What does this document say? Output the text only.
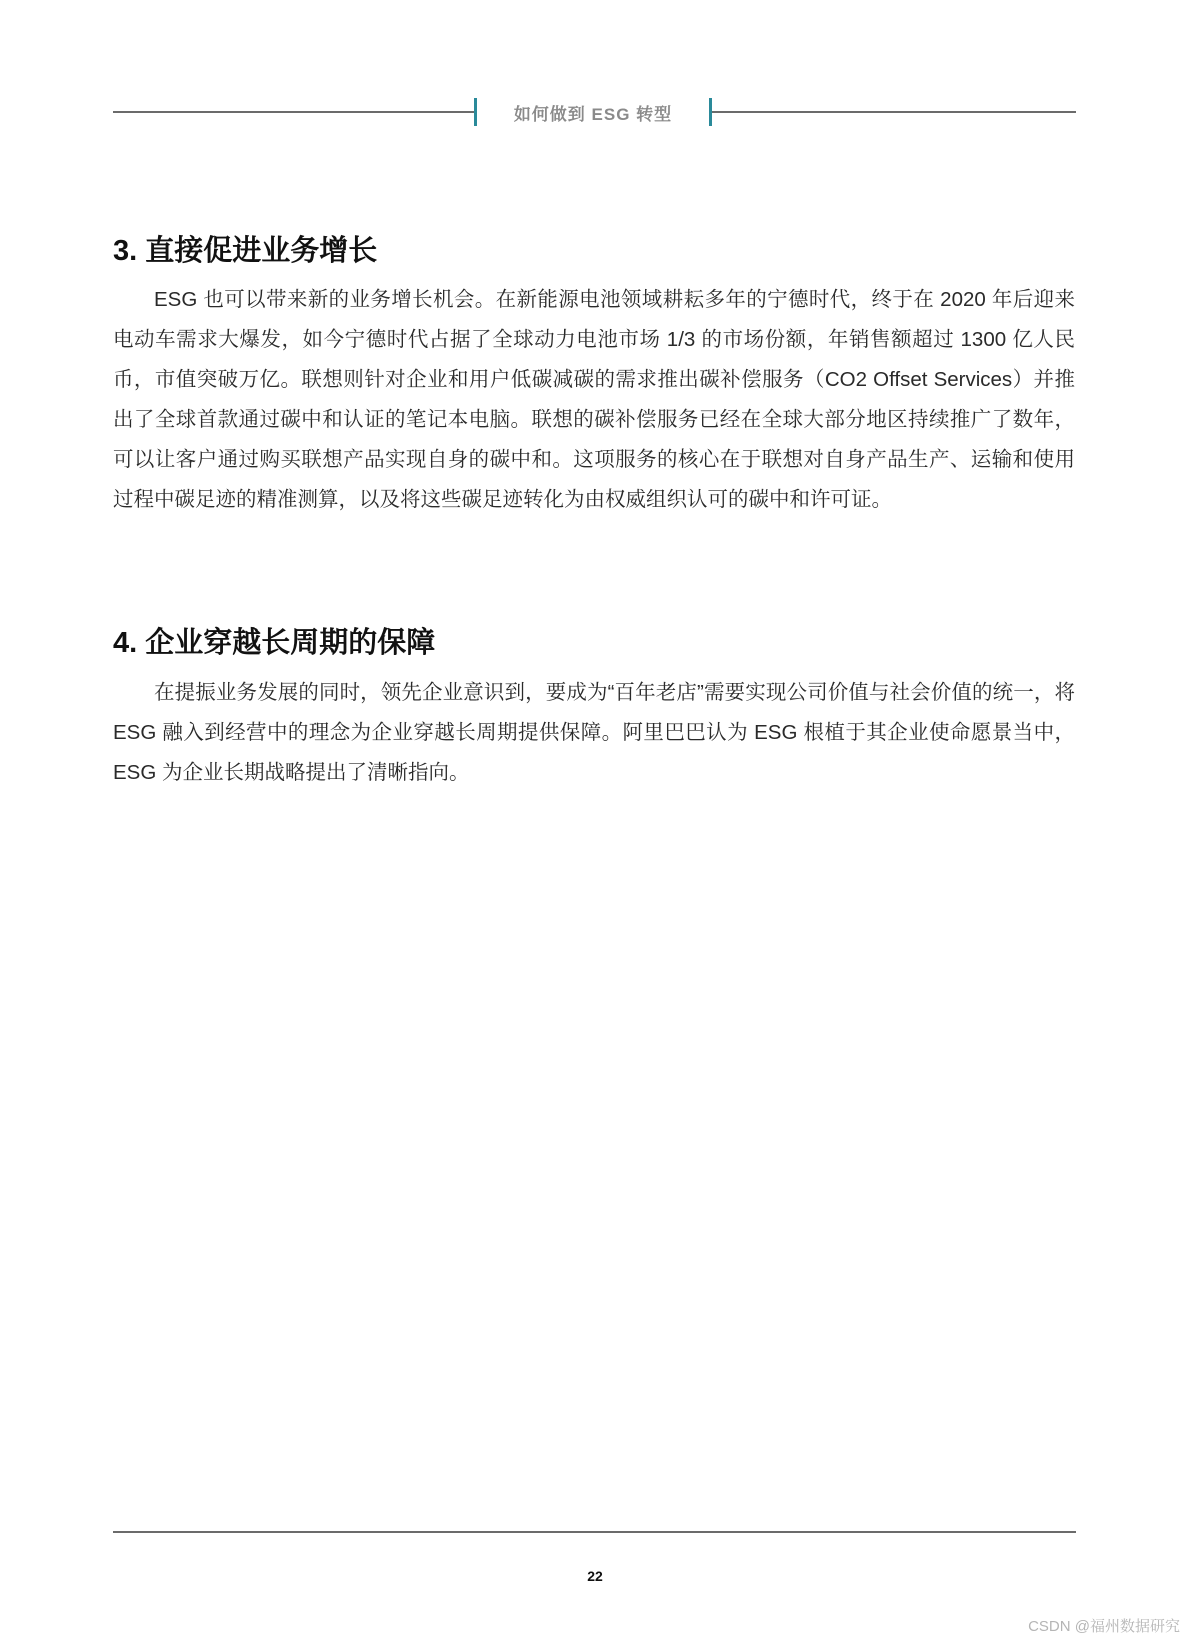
如何做到 ESG 转型
3. 直接促进业务增长

ESG 也可以带来新的业务增长机会。在新能源电池领域耕耘多年的宁德时代，终于在 2020 年后迎来电动车需求大爆发，如今宁德时代占据了全球动力电池市场 1/3 的市场份额，年销售额超过 1300 亿人民币，市值突破万亿。联想则针对企业和用户低碳减碳的需求推出碳补偿服务（CO2 Offset Services）并推出了全球首款通过碳中和认证的笔记本电脑。联想的碳补偿服务已经在全球大部分地区持续推广了数年，可以让客户通过购买联想产品实现自身的碳中和。这项服务的核心在于联想对自身产品生产、运输和使用过程中碳足迹的精准测算，以及将这些碳足迹转化为由权威组织认可的碳中和许可证。

4. 企业穿越长周期的保障

在提振业务发展的同时，领先企业意识到，要成为“百年老店”需要实现公司价值与社会价值的统一，将 ESG 融入到经营中的理念为企业穿越长周期提供保障。阿里巴巴认为 ESG 根植于其企业使命愿景当中，ESG 为企业长期战略提出了清晰指向。

22
CSDN @福州数据研究
